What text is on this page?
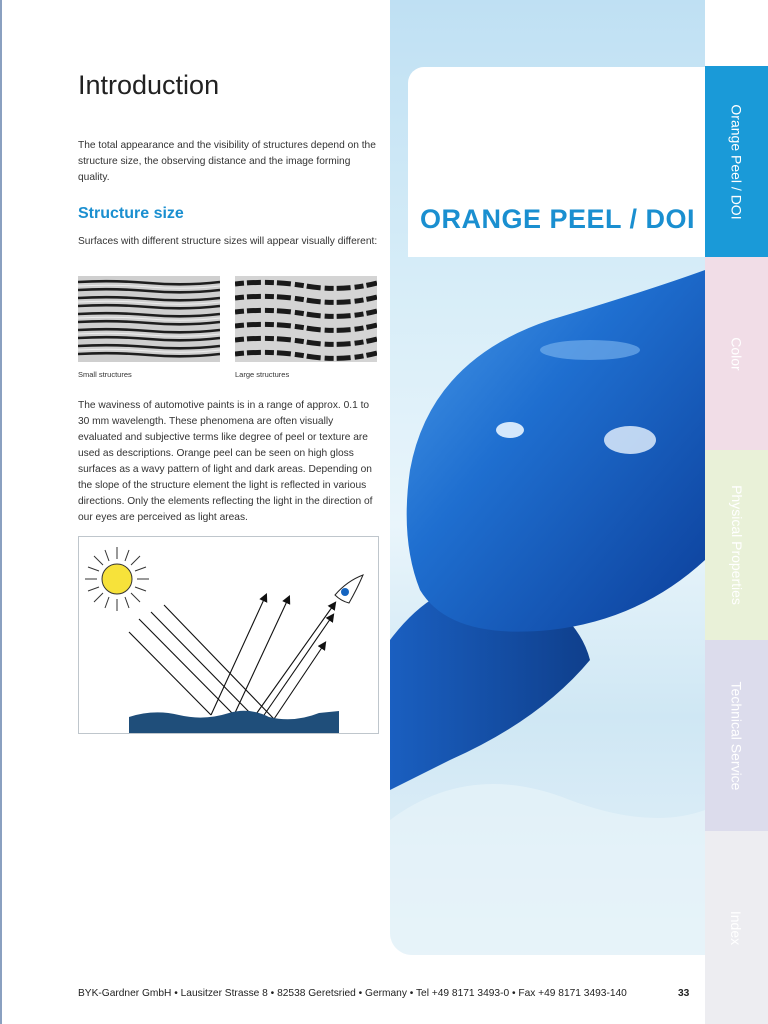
Introduction
The total appearance and the visibility of structures depend on the structure size, the observing distance and the image forming quality.
Structure size
Surfaces with different structure sizes will appear visually different:
Small structures	Large structures
The waviness of automotive paints is in a range of approx. 0.1 to 30 mm wavelength. These phenomena are often visually evaluated and subjective terms like degree of peel or texture are used as descriptions. Orange peel can be seen on high gloss surfaces as a wavy pattern of light and dark areas. Depending on the slope of the structure element the light is reflected in various directions. Only the elements reflecting the light in the direction of our eyes are perceived as light areas.
ORANGE PEEL / DOI Orange Peel / DOI
Color
Physical Properties
Technical Service
Index
BYK-Gardner GmbH • Lausitzer Strasse 8 • 82538 Geretsried • Germany • Tel +49 8171 3493-0 • Fax +49 8171 3493-140	33
